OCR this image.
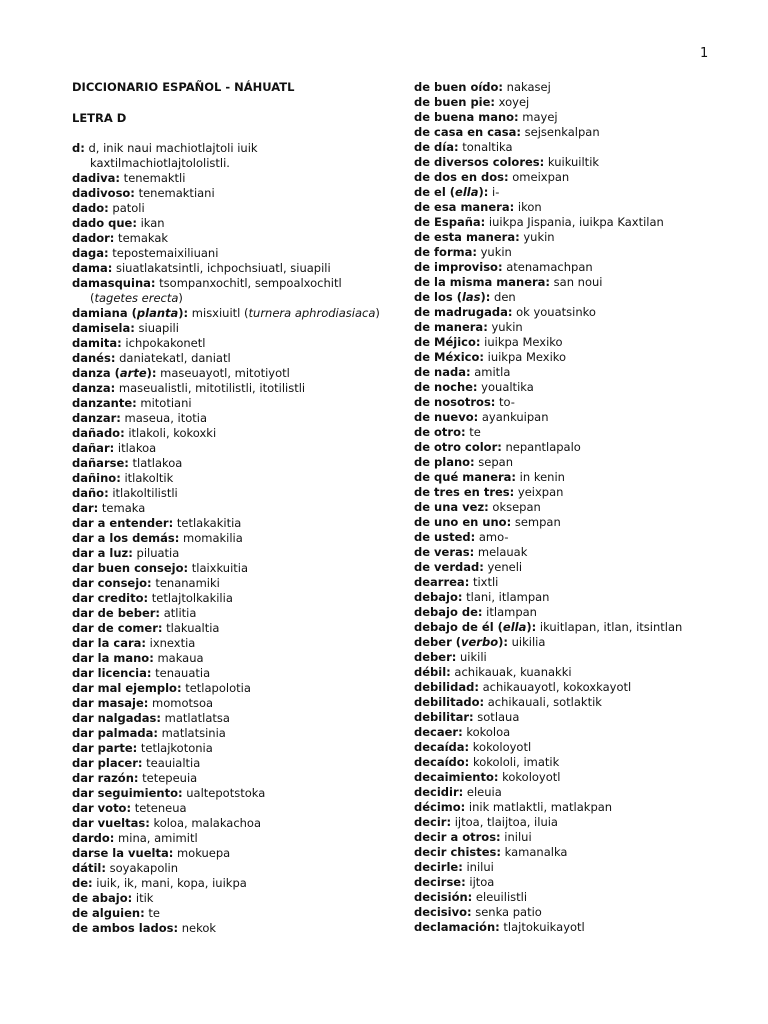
1
DICCIONARIO ESPAÑOL - NÁHUATL
LETRA D
d: d, inik naui machiotlajtoli iuik kaxtilmachiotlajtololistli.
dadiva: tenemaktli
dadivoso: tenemaktiani
dado: patoli
dado que: ikan
dador: temakak
daga: tepostemaixiliuani
dama: siuatlakatsintli, ichpochsiuatl, siuapili
damasquina: tsompanxochitl, sempoalxochitl (tagetes erecta)
damiana (planta): misxiuitl (turnera aphrodiasiaca)
damisela: siuapili
damita: ichpokakonetl
danés: daniatekatl, daniatl
danza (arte): maseuayotl, mitotiyotl
danza: maseualistli, mitotilistli, itotilistli
danzante: mitotiani
danzar: maseua, itotia
dañado: itlakoli, kokoxki
dañar: itlakoa
dañarse: tlatlakoa
dañino: itlakoltik
daño: itlakoltilistli
dar: temaka
dar a entender: tetlakakitia
dar a los demás: momakilia
dar a luz: piluatia
dar buen consejo: tlaixkuitia
dar consejo: tenanamiki
dar credito: tetlajtolkakilia
dar de beber: atlitia
dar de comer: tlakualtia
dar la cara: ixnextia
dar la mano: makaua
dar licencia: tenauatia
dar mal ejemplo: tetlapolotia
dar masaje: momotsoa
dar nalgadas: matlatlatsa
dar palmada: matlatsinia
dar parte: tetlajkotonia
dar placer: teauialtia
dar razón: tetepeuia
dar seguimiento: ualtepotstoka
dar voto: teteneua
dar vueltas: koloa, malakachoa
dardo: mina, amimitl
darse la vuelta: mokuepa
dátil: soyakapolin
de: iuik, ik, mani, kopa, iuikpa
de abajo: itik
de alguien: te
de ambos lados: nekok
de buen oído: nakasej
de buen pie: xoyej
de buena mano: mayej
de casa en casa: sejsenkalpan
de día: tonaltika
de diversos colores: kuikuiltik
de dos en dos: omeixpan
de el (ella): i-
de esa manera: ikon
de España: iuikpa Jispania, iuikpa Kaxtilan
de esta manera: yukin
de forma: yukin
de improviso: atenamachpan
de la misma manera: san noui
de los (las): den
de madrugada: ok youatsinko
de manera: yukin
de Méjico: iuikpa Mexiko
de México: iuikpa Mexiko
de nada: amitla
de noche: youaltika
de nosotros: to-
de nuevo: ayankuipan
de otro: te
de otro color: nepantlapalo
de plano: sepan
de qué manera: in kenin
de tres en tres: yeixpan
de una vez: oksepan
de uno en uno: sempan
de usted: amo-
de veras: melauak
de verdad: yeneli
dearrea: tixtli
debajo: tlani, itlampan
debajo de: itlampan
debajo de él (ella): ikuitlapan, itlan, itsintlan
deber (verbo): uikilia
deber: uikili
débil: achikauak, kuanakki
debilidad: achikauayotl, kokoxkayotl
debilitado: achikauali, sotlaktik
debilitar: sotlaua
decaer: kokoloa
decaída: kokoloyotl
decaído: kokololi, imatik
decaimiento: kokoloyotl
decidir: eleuia
décimo: inik matlaktli, matlakpan
decir: ijtoa, tlaijtoa, iluia
decir a otros: inilui
decir chistes: kamanalka
decirle: inilui
decirse: ijtoa
decisión: eleuilistli
decisivo: senka patio
declamación: tlajtokuikayotl
